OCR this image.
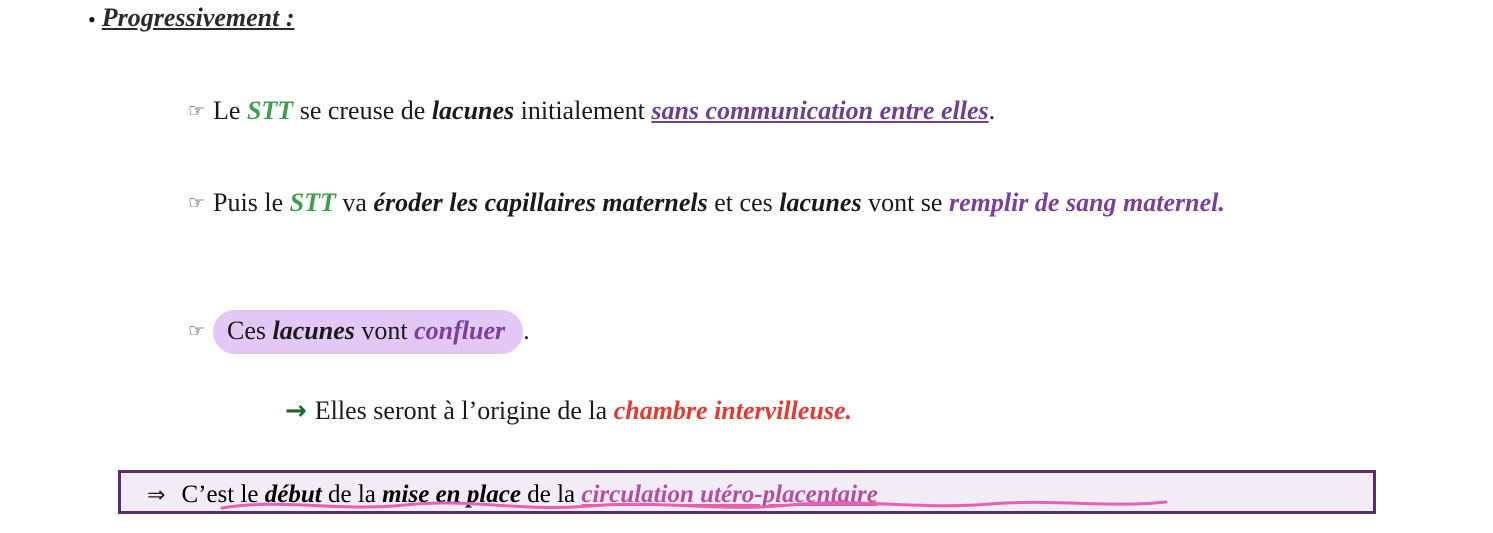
• Progressivement :
☞ Le STT se creuse de lacunes initialement sans communication entre elles.
☞ Puis le STT va éroder les capillaires maternels et ces lacunes vont se remplir de sang maternel.
☞ Ces lacunes vont confluer .
→ Elles seront à l’origine de la chambre intervilleuse.
⇒ C’est le début de la mise en place de la circulation utéro-placentaire
